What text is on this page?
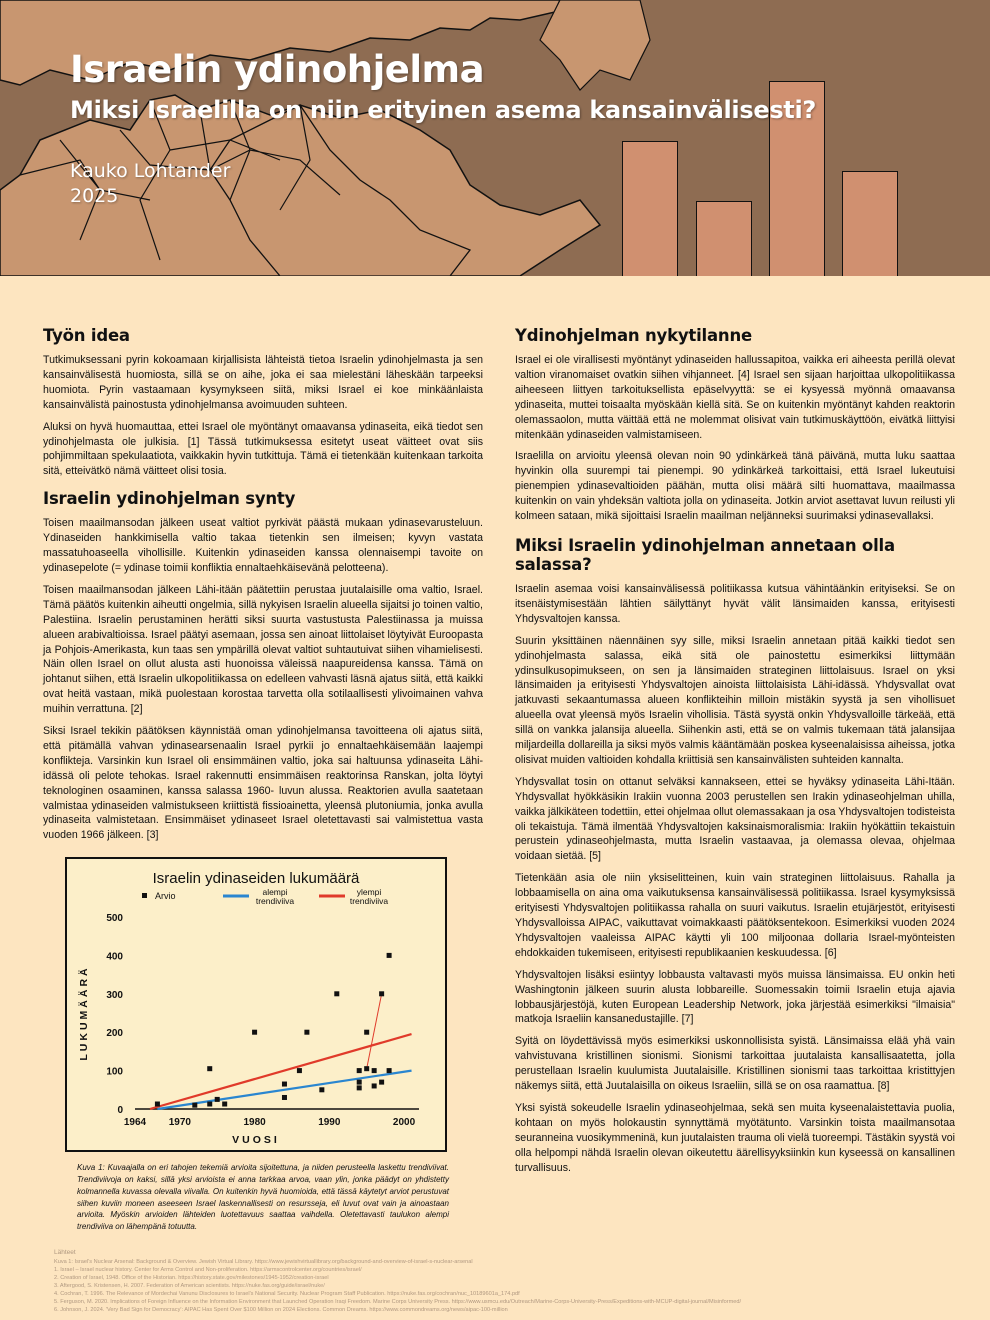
Israelin ydinohjelma
Miksi Israelilla on niin erityinen asema kansainvälisesti?
Kauko Lohtander
2025
Työn idea

Tutkimuksessani pyrin kokoamaan kirjallisista lähteistä tietoa Israelin ydinohjelmasta ja sen kansainvälisestä huomiosta, sillä se on aihe, joka ei saa mielestäni läheskään tarpeeksi huomiota. Pyrin vastaamaan kysymykseen siitä, miksi Israel ei koe minkäänlaista kansainvälistä painostusta ydinohjelmansa avoimuuden suhteen.

Aluksi on hyvä huomauttaa, ettei Israel ole myöntänyt omaavansa ydinaseita, eikä tiedot sen ydinohjelmasta ole julkisia. [1] Tässä tutkimuksessa esitetyt useat väitteet ovat siis pohjimmiltaan spekulaatiota, vaikkakin hyvin tutkittuja. Tämä ei tietenkään kuitenkaan tarkoita sitä, etteivätkö nämä väitteet olisi tosia.

Israelin ydinohjelman synty

Toisen maailmansodan jälkeen useat valtiot pyrkivät päästä mukaan ydinasevarusteluun. Ydinaseiden hankkimisella valtio takaa tietenkin sen ilmeisen; kyvyn vastata massatuhoaseella vihollisille. Kuitenkin ydinaseiden kanssa olennaisempi tavoite on ydinasepelote (= ydinase toimii konfliktia ennaltaehkäisevänä pelotteena).

Toisen maailmansodan jälkeen Lähi-itään päätettiin perustaa juutalaisille oma valtio, Israel. Tämä päätös kuitenkin aiheutti ongelmia, sillä nykyisen Israelin alueella sijaitsi jo toinen valtio, Palestiina. Israelin perustaminen herätti siksi suurta vastustusta Palestiinassa ja muissa alueen arabivaltioissa. Israel päätyi asemaan, jossa sen ainoat liittolaiset löytyivät Euroopasta ja Pohjois-Amerikasta, kun taas sen ympärillä olevat valtiot suhtautuivat siihen vihamielisesti. Näin ollen Israel on ollut alusta asti huonoissa väleissä naapureidensa kanssa. Tämä on johtanut siihen, että Israelin ulkopolitiikassa on edelleen vahvasti läsnä ajatus siitä, että kaikki ovat heitä vastaan, mikä puolestaan korostaa tarvetta olla sotilaallisesti ylivoimainen vahva muihin verrattuna. [2]

Siksi Israel tekikin päätöksen käynnistää oman ydinohjelmansa tavoitteena oli ajatus siitä, että pitämällä vahvan ydinasearsenaalin Israel pyrkii jo ennaltaehkäisemään laajempi konflikteja. Varsinkin kun Israel oli ensimmäinen valtio, joka sai haltuunsa ydinaseita Lähi-idässä oli pelote tehokas. Israel rakennutti ensimmäisen reaktorinsa Ranskan, jolta löytyi teknologinen osaaminen, kanssa salassa 1960- luvun alussa. Reaktorien avulla saatetaan valmistaa ydinaseiden valmistukseen kriittistä fissioainetta, yleensä plutoniumia, jonka avulla ydinaseita valmistetaan. Ensimmäiset ydinaseet Israel oletettavasti sai valmistettua vasta vuoden 1966 jälkeen. [3]

Israelin ydinaseiden lukumäärä
Arvio	alempi
trendiviiva
ylempi
trendiviiva
0
100
200
300
400
500
1964 1970	1980	1990	2000
VUOSI
LUKUMÄÄRÄ
Kuva 1: Kuvaajalla on eri tahojen tekemiä arvioita sijoitettuna, ja niiden perusteella laskettu trendiviivat. Trendiviivoja on kaksi, sillä yksi arvioista ei anna tarkkaa arvoa, vaan ylin, jonka päädyt on yhdistetty kolmannella kuvassa olevalla viivalla. On kuitenkin hyvä huomioida, että tässä käytetyt arviot perustuvat siihen kuviin moneen aseeseen Israel laskennallisesti on resursseja, eli luvut ovat vain ja ainoastaan arvioita. Myöskin arvioiden lähteiden luotettavuus saattaa vaihdella. Oletettavasti taulukon alempi trendiviiva on lähempänä totuutta.
Ydinohjelman nykytilanne

Israel ei ole virallisesti myöntänyt ydinaseiden hallussapitoa, vaikka eri aiheesta perillä olevat valtion viranomaiset ovatkin siihen vihjanneet. [4] Israel sen sijaan harjoittaa ulkopolitiikassa aiheeseen liittyen tarkoituksellista epäselvyyttä: se ei kysyessä myönnä omaavansa ydinaseita, muttei toisaalta myöskään kiellä sitä. Se on kuitenkin myöntänyt kahden reaktorin olemassaolon, mutta väittää että ne molemmat olisivat vain tutkimuskäyttöön, eivätkä liittyisi mitenkään ydinaseiden valmistamiseen.

Israelilla on arvioitu yleensä olevan noin 90 ydinkärkeä tänä päivänä, mutta luku saattaa hyvinkin olla suurempi tai pienempi. 90 ydinkärkeä tarkoittaisi, että Israel lukeutuisi pienempien ydinasevaltioiden päähän, mutta olisi määrä silti huomattava, maailmassa kuitenkin on vain yhdeksän valtiota jolla on ydinaseita. Jotkin arviot asettavat luvun reilusti yli kolmeen sataan, mikä sijoittaisi Israelin maailman neljänneksi suurimaksi ydinasevallaksi.

Miksi Israelin ydinohjelman annetaan olla salassa?

Israelin asemaa voisi kansainvälisessä politiikassa kutsua vähintäänkin erityiseksi. Se on itsenäistymisestään lähtien säilyttänyt hyvät välit länsimaiden kanssa, erityisesti Yhdysvaltojen kanssa.

Suurin yksittäinen näennäinen syy sille, miksi Israelin annetaan pitää kaikki tiedot sen ydinohjelmasta salassa, eikä sitä ole painostettu esimerkiksi liittymään ydinsulkusopimukseen, on sen ja länsimaiden strateginen liittolaisuus. Israel on yksi länsimaiden ja erityisesti Yhdysvaltojen ainoista liittolaisista Lähi-idässä. Yhdysvallat ovat jatkuvasti sekaantumassa alueen konflikteihin milloin mistäkin syystä ja sen vihollisuet alueella ovat yleensä myös Israelin vihollisia. Tästä syystä onkin Yhdysvalloille tärkeää, että sillä on vankka jalansija alueella. Siihenkin asti, että se on valmis tukemaan tätä jalansijaa miljardeilla dollareilla ja siksi myös valmis kääntämään poskea kyseenalaisissa aiheissa, jotka olisivat muiden valtioiden kohdalla kriittisiä sen kansainvälisten suhteiden kannalta.

Yhdysvallat tosin on ottanut selväksi kannakseen, ettei se hyväksy ydinaseita Lähi-Itään. Yhdysvallat hyökkäsikin Irakiin vuonna 2003 perustellen sen Irakin ydinaseohjelman uhilla, vaikka jälkikäteen todettiin, ettei ohjelmaa ollut olemassakaan ja osa Yhdysvaltojen todisteista oli tekaistuja. Tämä ilmentää Yhdysvaltojen kaksinaismoralismia: Irakiin hyökättiin tekaistuin perustein ydinaseohjelmasta, mutta Israelin vastaavaa, ja olemassa olevaa, ohjelmaa voidaan sietää. [5]

Tietenkään asia ole niin yksiselitteinen, kuin vain strateginen liittolaisuus. Rahalla ja lobbaamisella on aina oma vaikutuksensa kansainvälisessä politiikassa. Israel kysymyksissä erityisesti Yhdysvaltojen politiikassa rahalla on suuri vaikutus. Israelin etujärjestöt, erityisesti Yhdysvalloissa AIPAC, vaikuttavat voimakkaasti päätöksentekoon. Esimerkiksi vuoden 2024 Yhdysvaltojen vaaleissa AIPAC käytti yli 100 miljoonaa dollaria Israel-myönteisten ehdokkaiden tukemiseen, erityisesti republikaanien keskuudessa. [6]

Yhdysvaltojen lisäksi esiintyy lobbausta valtavasti myös muissa länsimaissa. EU onkin heti Washingtonin jälkeen suurin alusta lobbareille. Suomessakin toimii Israelin etuja ajavia lobbausjärjestöjä, kuten European Leadership Network, joka järjestää esimerkiksi "ilmaisia" matkoja Israeliin kansanedustajille. [7]

Syitä on löydettävissä myös esimerkiksi uskonnollisista syistä. Länsimaissa elää yhä vain vahvistuvana kristillinen sionismi. Sionismi tarkoittaa juutalaista kansallisaatetta, jolla perustellaan Israelin kuulumista Juutalaisille. Kristillinen sionismi taas tarkoittaa kristittyjen näkemys siitä, että Juutalaisilla on oikeus Israeliin, sillä se on osa raamattua. [8]

Yksi syistä sokeudelle Israelin ydinaseohjelmaa, sekä sen muita kyseenalaistettavia puolia, kohtaan on myös holokaustin synnyttämä myötätunto. Varsinkin toista maailmansotaa seuranneina vuosikymmeninä, kun juutalaisten trauma oli vielä tuoreempi. Tästäkin syystä voi olla helpompi nähdä Israelin olevan oikeutettu äärellisyyksiinkin kun kyseessä on kansallinen turvallisuus.

Lähteet
Kuva 1: Israel's Nuclear Arsenal: Background & Overview. Jewish Virtual Library. https://www.jewishvirtuallibrary.org/background-and-overview-of-israel-s-nuclear-arsenal
1. Israel – Israel nuclear history. Center for Arms Control and Non-proliferation. https://armscontrolcenter.org/countries/israel/
2. Creation of Israel, 1948. Office of the Historian. https://history.state.gov/milestones/1945-1952/creation-israel
3. Aftergood, S. Kristensen, H. 2007. Federation of American scientists. https://nuke.fas.org/guide/israel/nuke/
4. Cochran, T. 1996. The Relevance of Mordechai Vanunu Disclosures to Israel's National Security. Nuclear Program Staff Publication. https://nuke.fas.org/cochran/nuc_10189601a_174.pdf
5. Ferguson, M. 2020. Implications of Foreign Influence on the Information Environment that Launched Operation Iraqi Freedom. Marine Corps University Press. https://www.usmcu.edu/Outreach/Marine-Corps-University-Press/Expeditions-with-MCUP-digital-journal/Misinformed/
6. Johnson, J. 2024. 'Very Bad Sign for Democracy': AIPAC Has Spent Over $100 Million on 2024 Elections. Common Dreams. https://www.commondreams.org/news/aipac-100-million
